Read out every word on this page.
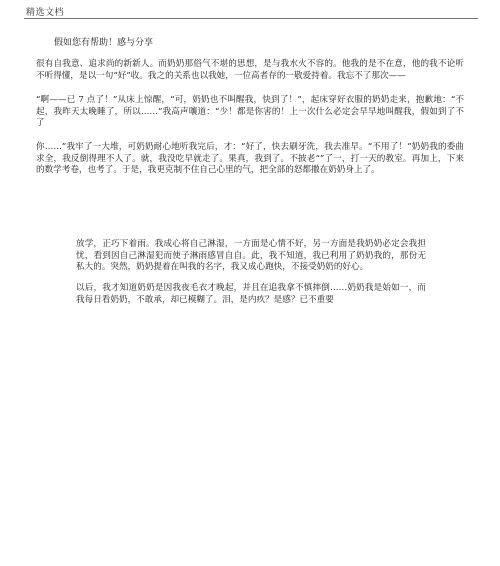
精选文档
假如您有帮助！感与分享
很有自我意、追求尚的新新人。而奶奶那俗气不堪的思想，是与我水火不容的。他我的是不在意，他的我不论听不听得懂，是以一句“好”收。我之的关系也以我她，一位高者存的一敬爱持着。我忘不了那次——
“啊——已 7 点了！”从床上惊醒，“可，奶奶也不叫醒我，快到了！”，起床穿好衣服的奶奶走来，抱歉地：“不起，我昨天太晚睡了，所以……”我高声嚷道：“少！都是你害的！上一次什么必定会早早地叫醒我，假如到了不了
你……”我牢了一大堆，可奶奶耐心地听我完后，才：“好了，快去刷牙洗，我去准早。“不用了！”奶奶我的委曲求全，我反倒得理不人了。就，我没吃早就走了。果真，我到了。不披老“”了一，打一天的教室。再加上，下来的数学考卷，也考了。于是，我更克制不住自己心里的气，把全部的怒都撒在奶奶身上了。
放学，正巧下着雨。我成心将自己淋湿，一方面是心情不好，另一方面是我奶奶必定会我担忧，看到因自己淋湿犯而使子淋雨感冒自自。此，我不知道，我已利用了奶奶我的，那份无私大的。突然，奶奶提着在叫我的名字，我又成心跑快，不接受奶奶的好心。
以后，我才知道奶奶是因我夜毛衣才晚起，并且在追我拿不慎摔倒……奶奶我是始如一，而我每日看奶奶，不敢承，却已模糊了。泪，是内疚？是感？已不重要
